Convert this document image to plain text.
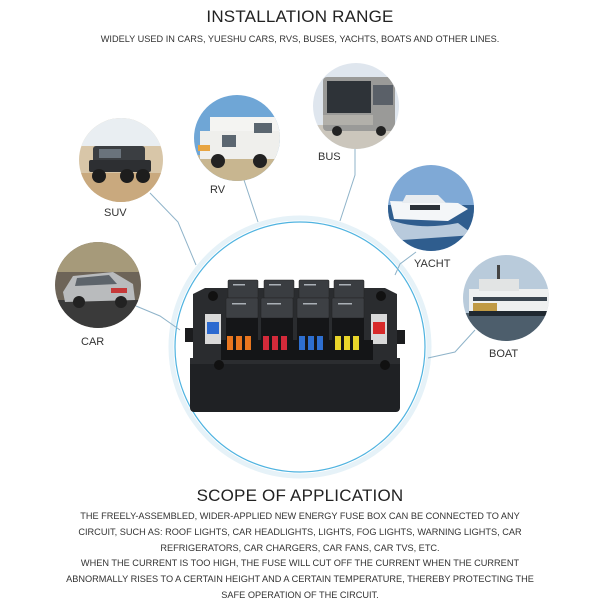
INSTALLATION RANGE
WIDELY USED IN CARS, YUESHU CARS, RVS, BUSES, YACHTS, BOATS AND OTHER LINES.
SUV
RV
BUS
YACHT
CAR
BOAT
SCOPE OF APPLICATION
THE FREELY-ASSEMBLED, WIDER-APPLIED NEW ENERGY FUSE BOX CAN BE CONNECTED TO ANY
CIRCUIT, SUCH AS: ROOF LIGHTS, CAR HEADLIGHTS, LIGHTS, FOG LIGHTS, WARNING LIGHTS, CAR
REFRIGERATORS, CAR CHARGERS, CAR FANS, CAR TVS, ETC.
WHEN THE CURRENT IS TOO HIGH, THE FUSE WILL CUT OFF THE CURRENT WHEN THE CURRENT
ABNORMALLY RISES TO A CERTAIN HEIGHT AND A CERTAIN TEMPERATURE, THEREBY PROTECTING THE
SAFE OPERATION OF THE CIRCUIT.
